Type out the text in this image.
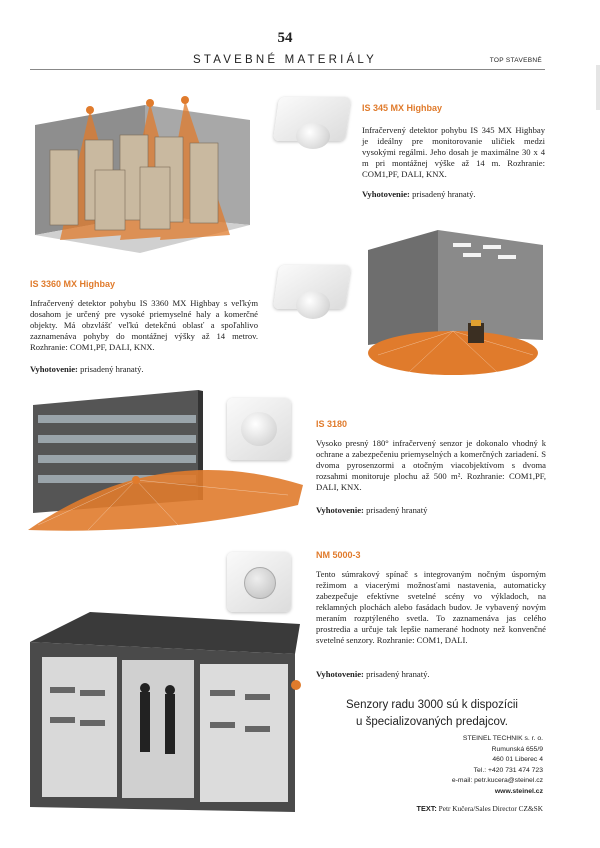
54
STAVEBNÉ MATERIÁLY	TOP STAVEBNÉ
IS 345 MX Highbay
Infračervený detektor pohybu IS 345 MX Highbay je ideálny pre monitorovanie uličiek medzi vysokými regálmi. Jeho dosah je maximálne 30 x 4 m pri montážnej výške až 14 m. Rozhranie: COM1,PF, DALI, KNX.
Vyhotovenie: prisadený hranatý.
IS 3360 MX Highbay
Infračervený detektor pohybu IS 3360 MX Highbay s veľkým dosahom je určený pre vysoké priemyselné haly a komerčné objekty. Má obzvlášť veľkú detekčnú oblasť a spoľahlivo zaznamenáva pohyby do montážnej výšky až 14 metrov. Rozhranie: COM1,PF, DALI, KNX.
Vyhotovenie: prisadený hranatý.
IS 3180
Vysoko presný 180° infračervený senzor je dokonalo vhodný k ochrane a zabezpečeniu priemyselných a komerčných zariadení. S dvoma pyrosenzormi a otočným viacobjektívom s dvoma rozsahmi monitoruje plochu až 500 m². Rozhranie: COM1,PF, DALI, KNX.
Vyhotovenie: prisadený hranatý
NM 5000-3
Tento súmrakový spínač s integrovaným nočným úsporným režimom a viacerými možnosťami nastavenia, automaticky zabezpečuje efektívne svetelné scény vo výkladoch, na reklamných plochách alebo fasádach budov. Je vybavený novým meraním rozptýleného svetla. To zaznamenáva jas celého prostredia a určuje tak lepšie namerané hodnoty než konvenčné svetelné senzory. Rozhranie: COM1, DALI.
Vyhotovenie: prisadený hranatý.
Senzory radu 3000 sú k dispozícii
u špecializovaných predajcov.
STEINEL TECHNIK s. r. o.
Rumunská 655/9
460 01 Liberec 4
Tel.: +420 731 474 723
e-mail: petr.kucera@steinel.cz
www.steinel.cz
TEXT: Petr Kučera/Sales Director CZ&SK
